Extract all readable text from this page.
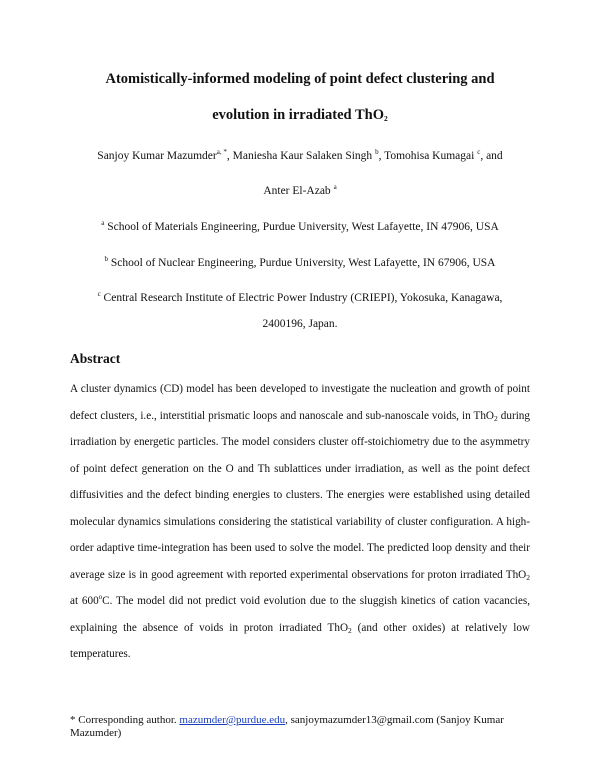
Atomistically-informed modeling of point defect clustering and
evolution in irradiated ThO$_2$

Sanjoy Kumar Mazumder$^{a, *}$, Maniesha Kaur Salaken Singh $^b$, Tomohisa Kumagai $^c$, and

Anter El-Azab $^a$

$^a$ School of Materials Engineering, Purdue University, West Lafayette, IN 47906, USA

$^b$ School of Nuclear Engineering, Purdue University, West Lafayette, IN 67906, USA

$^c$ Central Research Institute of Electric Power Industry (CRIEPI), Yokosuka, Kanagawa,

2400196, Japan.

Abstract

A cluster dynamics (CD) model has been developed to investigate the nucleation and growth of point defect clusters, i.e., interstitial prismatic loops and nanoscale and sub-nanoscale voids, in ThO$_2$ during irradiation by energetic particles. The model considers cluster off-stoichiometry due to the asymmetry of point defect generation on the O and Th sublattices under irradiation, as well as the point defect diffusivities and the defect binding energies to clusters. The energies were established using detailed molecular dynamics simulations considering the statistical variability of cluster configuration. A high-order adaptive time-integration has been used to solve the model. The predicted loop density and their average size is in good agreement with reported experimental observations for proton irradiated ThO$_2$ at 600$^o$C. The model did not predict void evolution due to the sluggish kinetics of cation vacancies, explaining the absence of voids in proton irradiated ThO$_2$ (and other oxides) at relatively low temperatures.

* Corresponding author. mazumder@purdue.edu, sanjoymazumder13@gmail.com (Sanjoy Kumar Mazumder)
